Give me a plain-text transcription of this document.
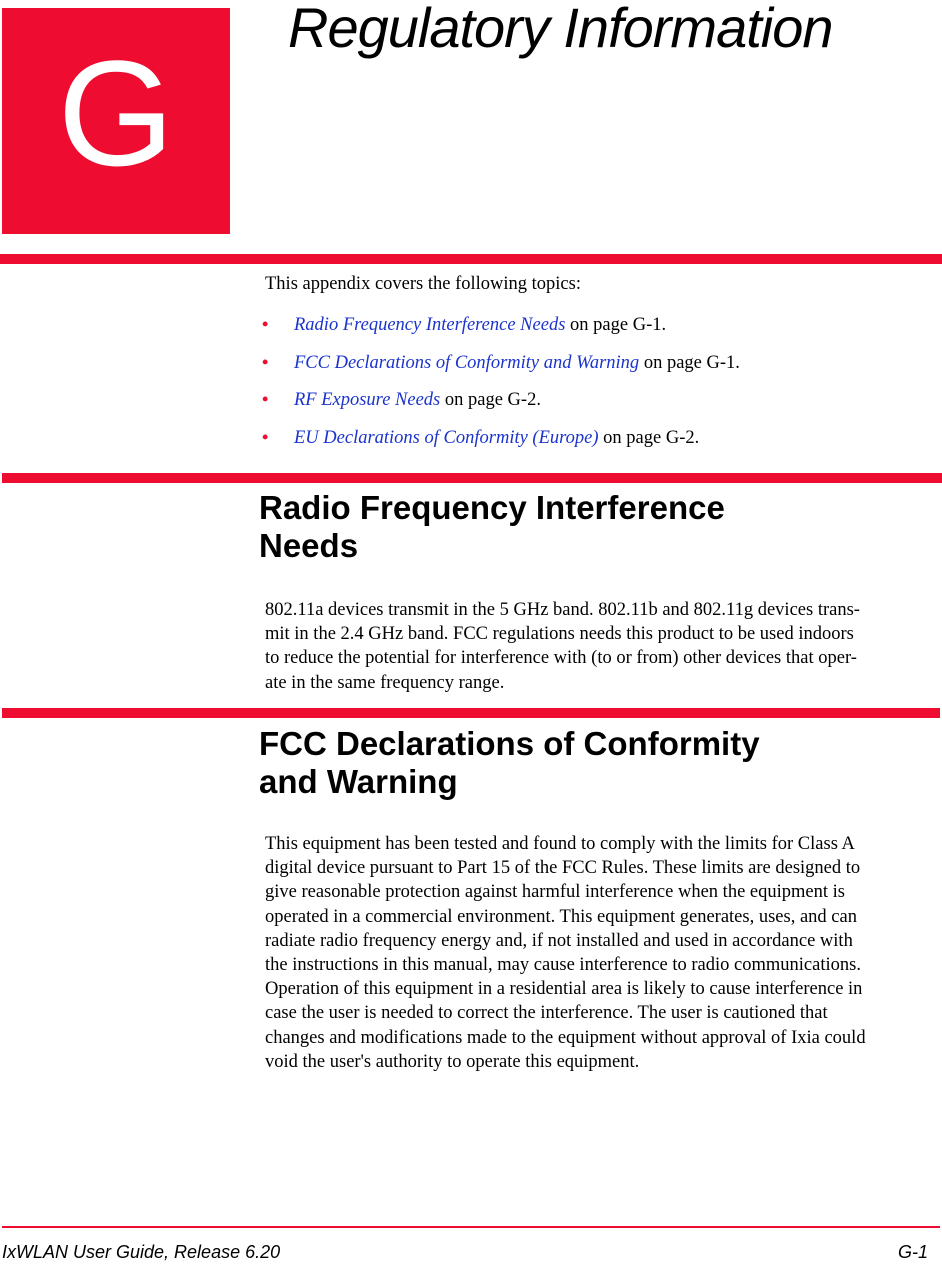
G
Regulatory Information
This appendix covers the following topics:
• Radio Frequency Interference Needs on page G-1.
• FCC Declarations of Conformity and Warning on page G-1.
• RF Exposure Needs on page G-2.
• EU Declarations of Conformity (Europe) on page G-2.
Radio Frequency Interference
Needs

802.11a devices transmit in the 5 GHz band. 802.11b and 802.11g devices trans-
mit in the 2.4 GHz band. FCC regulations needs this product to be used indoors
to reduce the potential for interference with (to or from) other devices that oper-
ate in the same frequency range.

FCC Declarations of Conformity
and Warning

This equipment has been tested and found to comply with the limits for Class A
digital device pursuant to Part 15 of the FCC Rules. These limits are designed to
give reasonable protection against harmful interference when the equipment is
operated in a commercial environment. This equipment generates, uses, and can
radiate radio frequency energy and, if not installed and used in accordance with
the instructions in this manual, may cause interference to radio communications.
Operation of this equipment in a residential area is likely to cause interference in
case the user is needed to correct the interference. The user is cautioned that
changes and modifications made to the equipment without approval of Ixia could
void the user's authority to operate this equipment.

IxWLAN User Guide, Release 6.20	G-1
